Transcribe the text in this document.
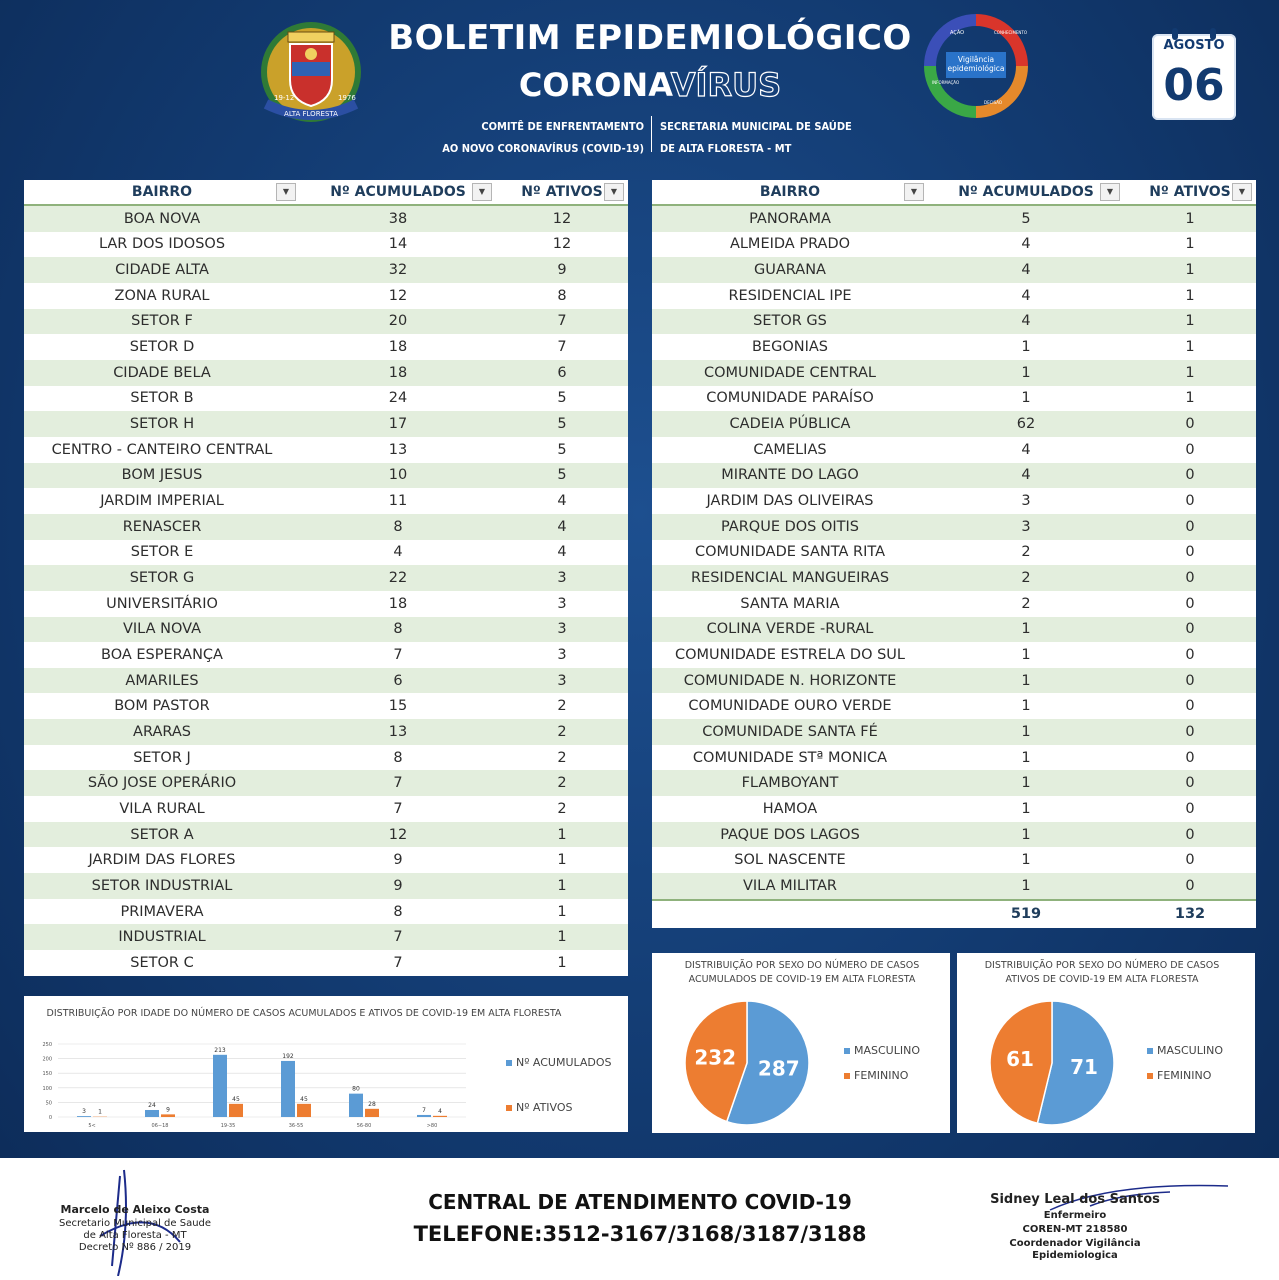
ALTA FLORESTA
19-12	1976
BOLETIM EPIDEMIOLÓGICO
CORONAVÍRUS
COMITÊ DE ENFRENTAMENTO
AO NOVO CORONAVÍRUS (COVID-19)
SECRETARIA MUNICIPAL DE SAÚDE
DE ALTA FLORESTA - MT
AÇÃO	CONHECIMENTO
DECISÃO
INFORMAÇÃO
Vigilância epidemiológica
AGOSTO
06
BAIRRO ▼	Nº ACUMULADOS ▼	Nº ATIVOS ▼

BOA NOVA	38	12
LAR DOS IDOSOS	14	12
CIDADE ALTA	32	9
ZONA RURAL	12	8
SETOR F	20	7
SETOR D	18	7
CIDADE BELA	18	6
SETOR B	24	5
SETOR H	17	5
CENTRO - CANTEIRO CENTRAL	13	5
BOM JESUS	10	5
JARDIM IMPERIAL	11	4
RENASCER	8	4
SETOR E	4	4
SETOR G	22	3
UNIVERSITÁRIO	18	3
VILA NOVA	8	3
BOA ESPERANÇA	7	3
AMARILES	6	3
BOM PASTOR	15	2
ARARAS	13	2
SETOR J	8	2
SÃO JOSE OPERÁRIO	7	2
VILA RURAL	7	2
SETOR A	12	1
JARDIM DAS FLORES	9	1
SETOR INDUSTRIAL	9	1
PRIMAVERA	8	1
INDUSTRIAL	7	1
SETOR C	7	1
BAIRRO ▼	Nº ACUMULADOS ▼	Nº ATIVOS ▼

PANORAMA	5	1
ALMEIDA PRADO	4	1
GUARANA	4	1
RESIDENCIAL IPE	4	1
SETOR GS	4	1
BEGONIAS	1	1
COMUNIDADE CENTRAL	1	1
COMUNIDADE PARAÍSO	1	1
CADEIA PÚBLICA	62	0
CAMELIAS	4	0
MIRANTE DO LAGO	4	0
JARDIM DAS OLIVEIRAS	3	0
PARQUE DOS OITIS	3	0
COMUNIDADE SANTA RITA	2	0
RESIDENCIAL MANGUEIRAS	2	0
SANTA MARIA	2	0
COLINA VERDE -RURAL	1	0
COMUNIDADE ESTRELA DO SUL	1	0
COMUNIDADE N. HORIZONTE	1	0
COMUNIDADE OURO VERDE	1	0
COMUNIDADE SANTA FÉ	1	0
COMUNIDADE STª MONICA	1	0
FLAMBOYANT	1	0
HAMOA	1	0
PAQUE DOS LAGOS	1	0
SOL NASCENTE	1	0
VILA MILITAR	1	0
	519	132
DISTRIBUIÇÃO POR IDADE DO NÚMERO DE CASOS ACUMULADOS E ATIVOS DE COVID-19 EM ALTA FLORESTA
0
50
100
150
200
250
3 1
5<
24
9
06−18
213
45
19-35
192
45
36-55
80
28
56-80
7 4
>80
Nº ACUMULADOS
Nº ATIVOS
DISTRIBUIÇÃO POR SEXO DO NÚMERO DE CASOS ACUMULADOS DE COVID-19 EM ALTA FLORESTA
287
232	MASCULINO
FEMININO
DISTRIBUIÇÃO POR SEXO DO NÚMERO DE CASOS ATIVOS DE COVID-19 EM ALTA FLORESTA
71
61	MASCULINO
FEMININO
Marcelo de Aleixo Costa
Secretario Municipal de Saude
de Alta Floresta - MT
Decreto Nº 886 / 2019
CENTRAL DE ATENDIMENTO COVID-19
TELEFONE:3512-3167/3168/3187/3188
Sidney Leal dos Santos
Enfermeiro
COREN-MT 218580
Coordenador Vigilância Epidemiologica
